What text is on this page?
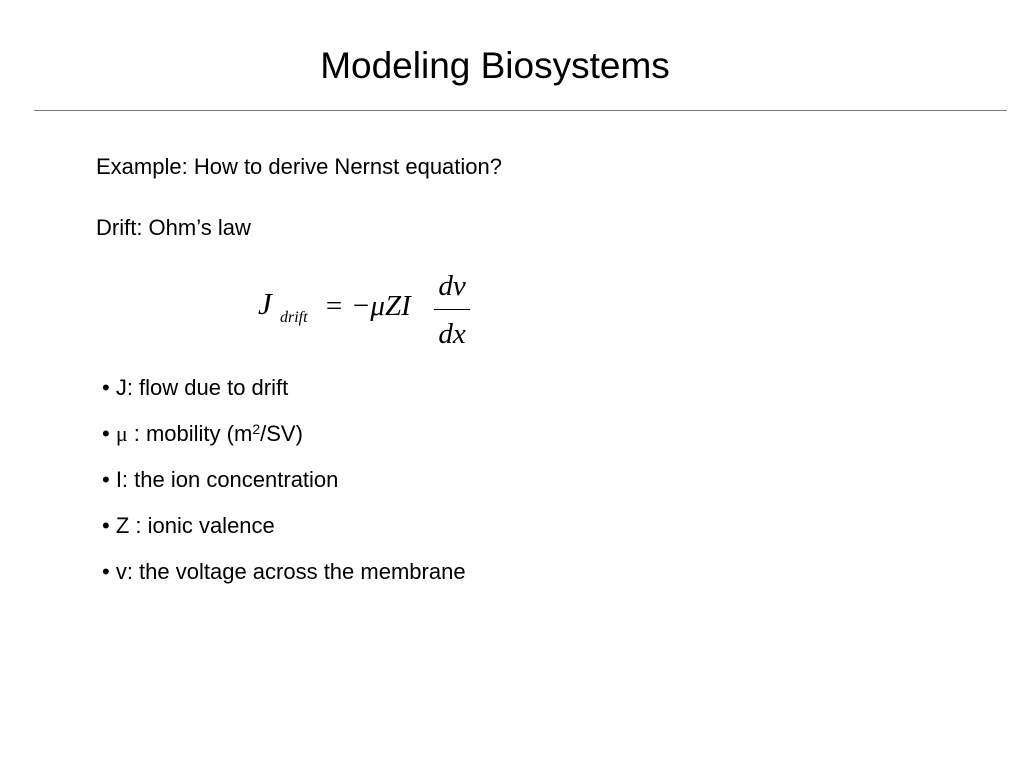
Modeling Biosystems
Example: How to derive Nernst equation?
Drift: Ohm’s law
J drift = −μZI
dv
dx
• J: flow due to drift
• μ : mobility $(m^2/SV)$
• I: the ion concentration
• Z : ionic valence
• v: the voltage across the membrane
